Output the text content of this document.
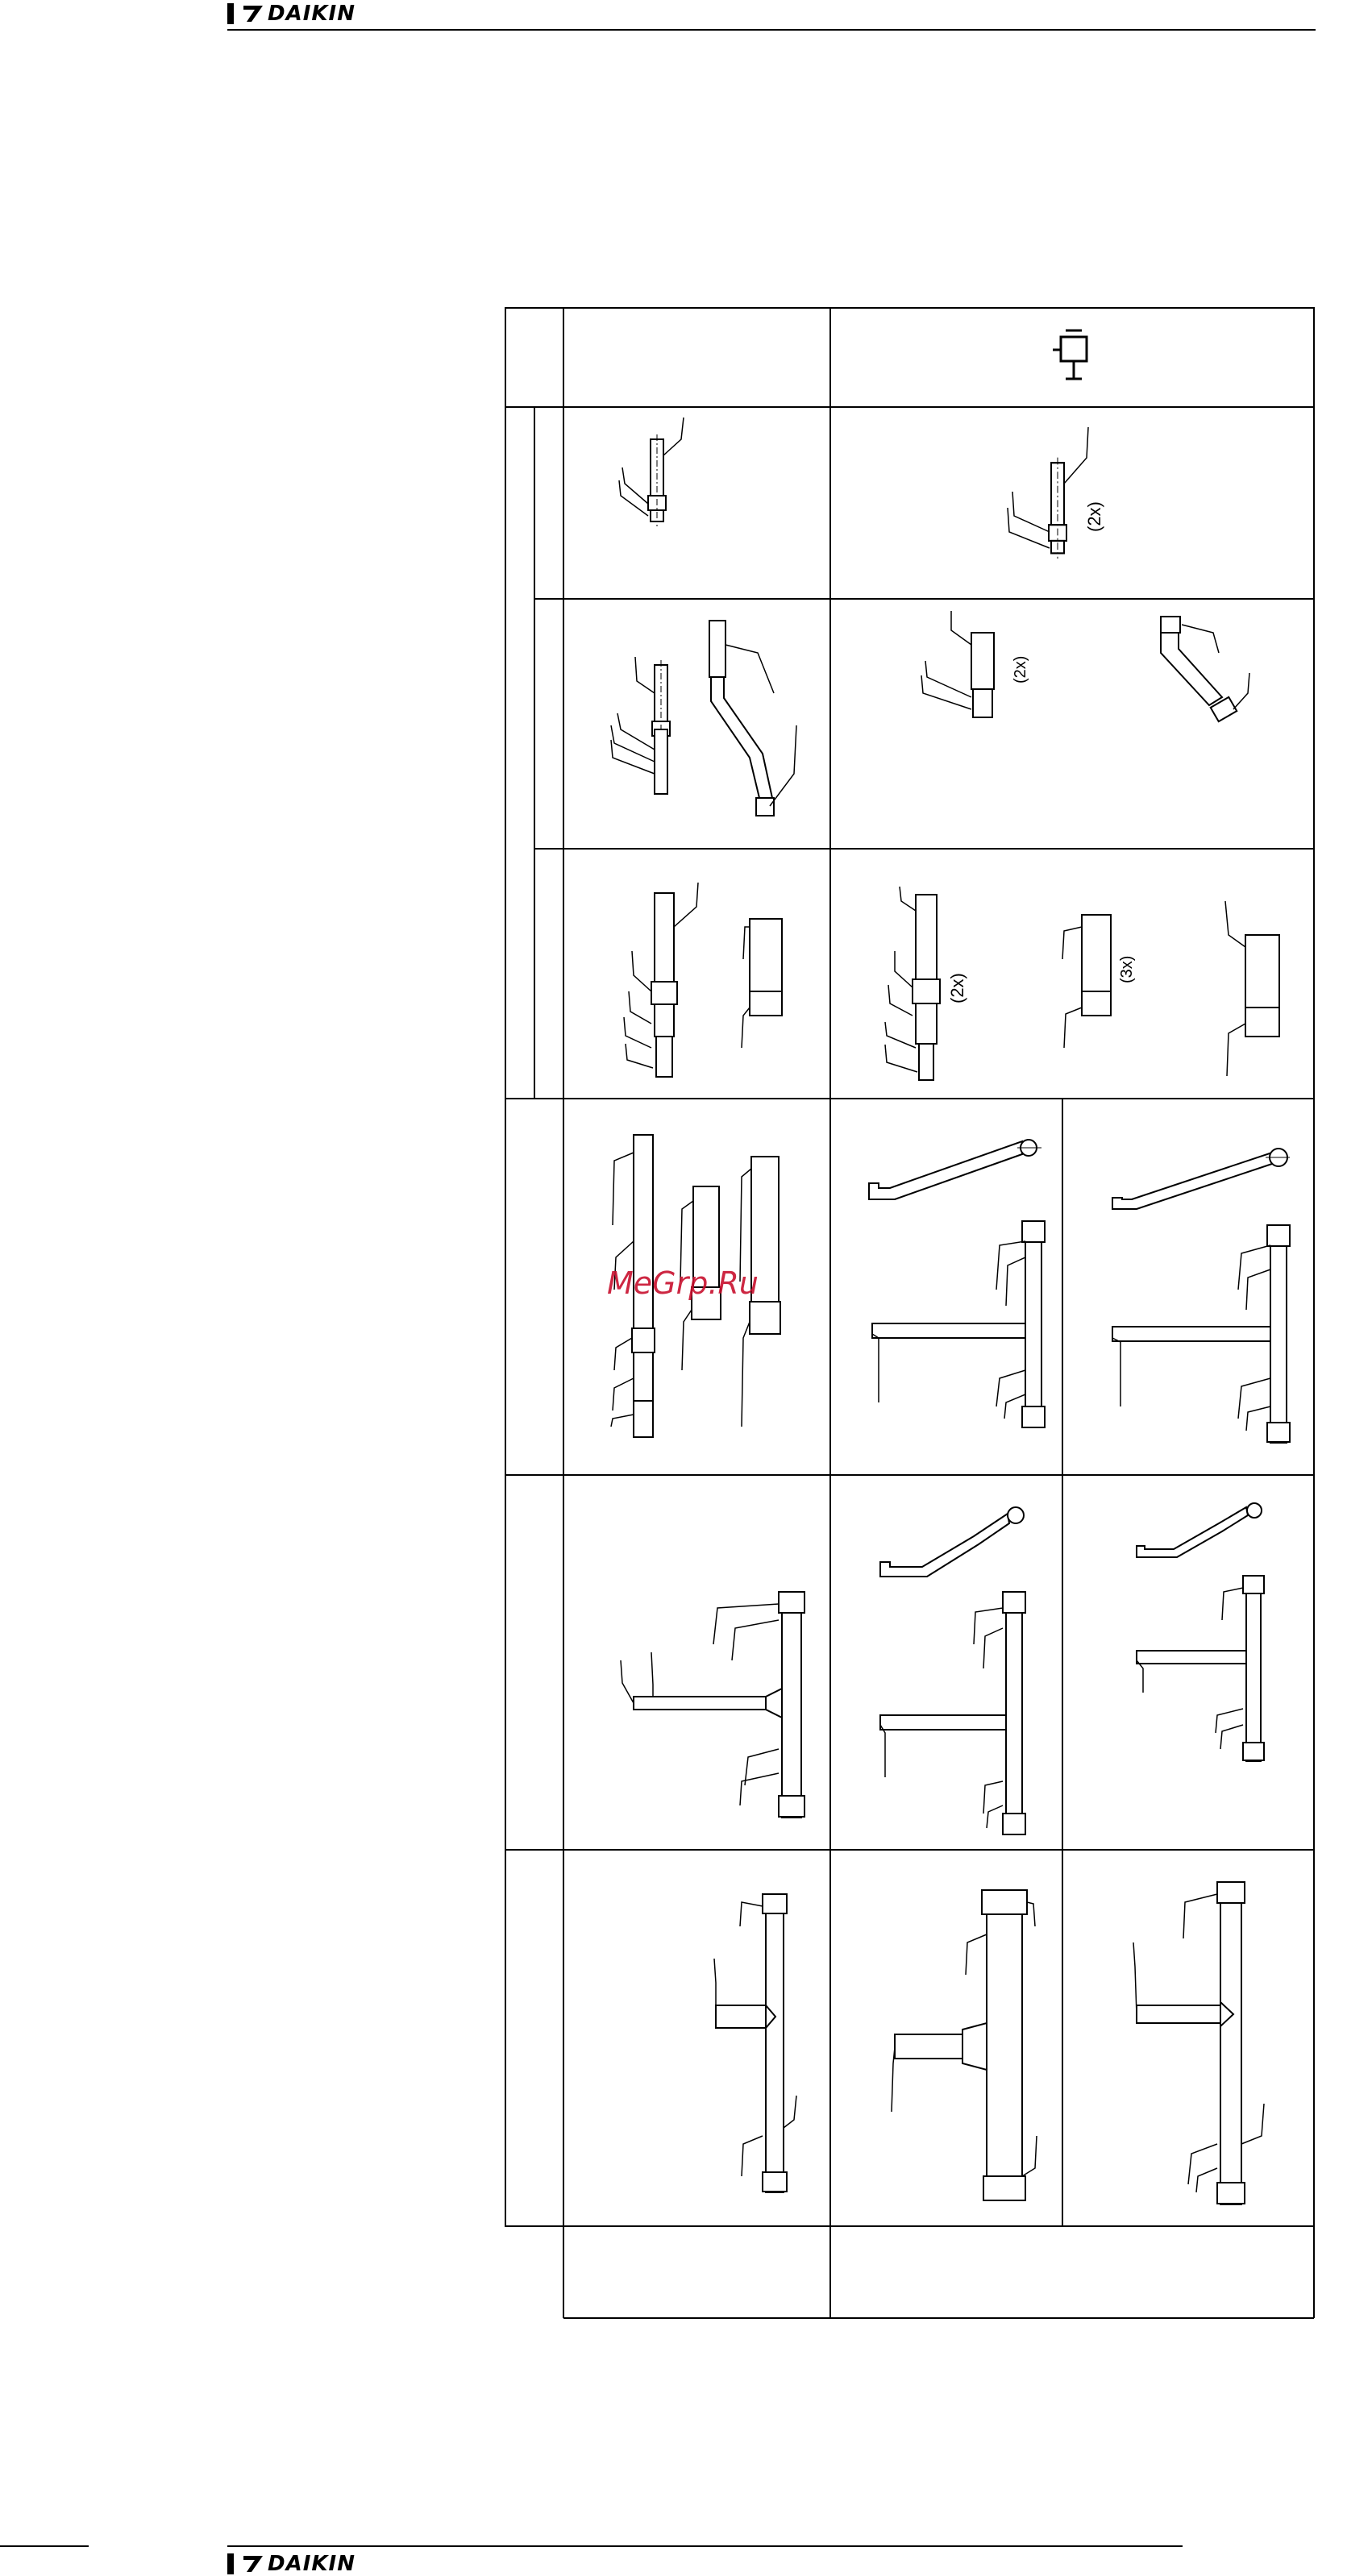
DAIKIN
DAIKIN
(2x)
(2x)
(2x)
(3x)
MeGrp.Ru
